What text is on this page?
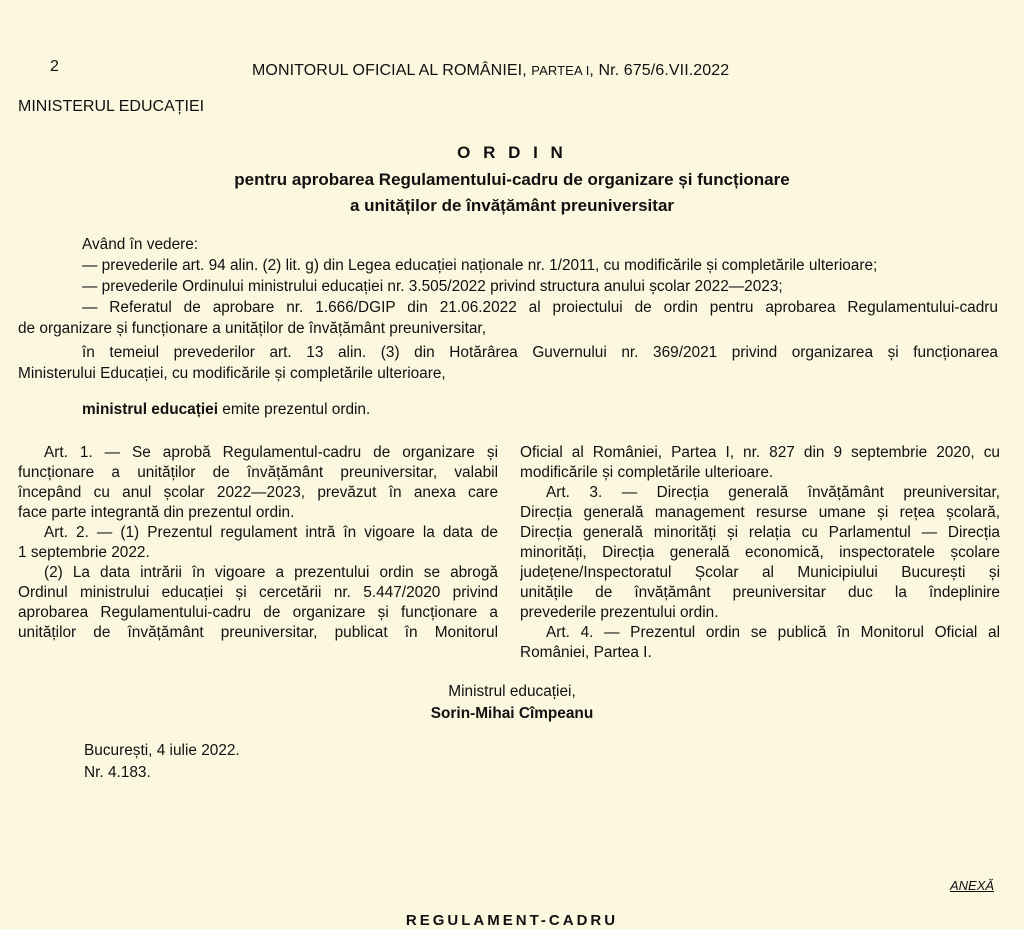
2	MONITORUL OFICIAL AL ROMÂNIEI, PARTEA I, Nr. 675/6.VII.2022
MINISTERUL EDUCAȚIEI
O R D I N
pentru aprobarea Regulamentului-cadru de organizare și funcționare
a unităților de învățământ preuniversitar
Având în vedere:
— prevederile art. 94 alin. (2) lit. g) din Legea educației naționale nr. 1/2011, cu modificările și completările ulterioare;
— prevederile Ordinului ministrului educației nr. 3.505/2022 privind structura anului școlar 2022—2023;
— Referatul de aprobare nr. 1.666/DGIP din 21.06.2022 al proiectului de ordin pentru aprobarea Regulamentului-cadru
de organizare și funcționare a unităților de învățământ preuniversitar,
în temeiul prevederilor art. 13 alin. (3) din Hotărârea Guvernului nr. 369/2021 privind organizarea și funcționarea
Ministerului Educației, cu modificările și completările ulterioare,
ministrul educației emite prezentul ordin.
Art. 1. — Se aprobă Regulamentul-cadru de organizare și
funcționare a unităților de învățământ preuniversitar, valabil
începând cu anul școlar 2022—2023, prevăzut în anexa care
face parte integrantă din prezentul ordin.
Art. 2. — (1) Prezentul regulament intră în vigoare la data de
1 septembrie 2022.
(2) La data intrării în vigoare a prezentului ordin se abrogă
Ordinul ministrului educației și cercetării nr. 5.447/2020 privind
aprobarea Regulamentului-cadru de organizare și funcționare a
unităților de învățământ preuniversitar, publicat în Monitorul
Oficial al României, Partea I, nr. 827 din 9 septembrie 2020, cu
modificările și completările ulterioare.
Art. 3. — Direcția generală învățământ preuniversitar,
Direcția generală management resurse umane și rețea școlară,
Direcția generală minorități și relația cu Parlamentul — Direcția
minorități, Direcția generală economică, inspectoratele școlare
județene/Inspectoratul Școlar al Municipiului București și
unitățile de învățământ preuniversitar duc la îndeplinire
prevederile prezentului ordin.
Art. 4. — Prezentul ordin se publică în Monitorul Oficial al
României, Partea I.
Ministrul educației,
Sorin-Mihai Cîmpeanu
București, 4 iulie 2022.
Nr. 4.183.
ANEXĂ
REGULAMENT-CADRU
